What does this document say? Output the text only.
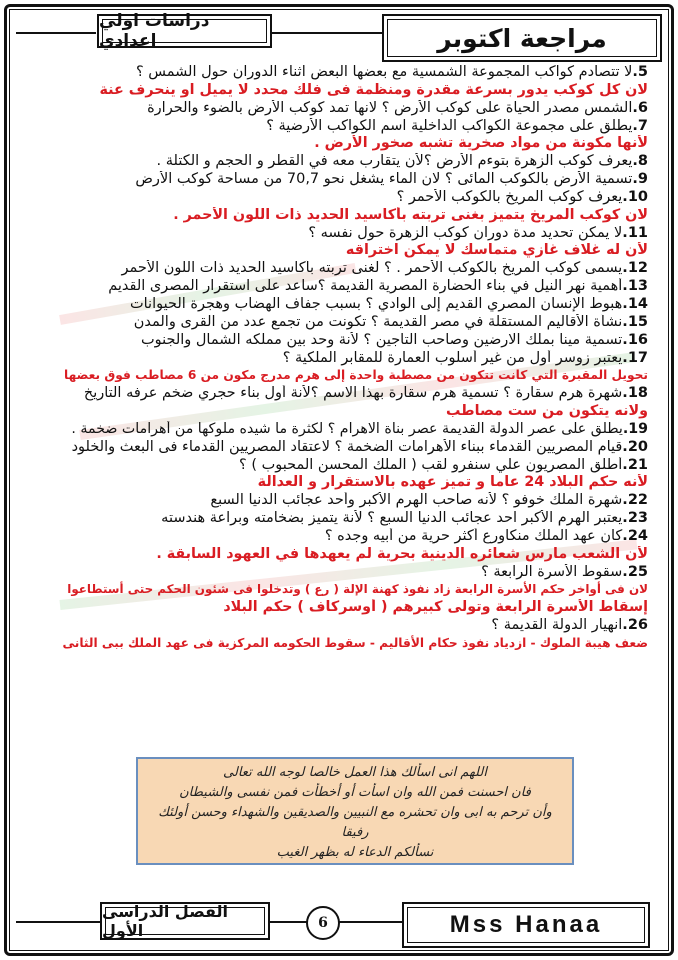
دراسات اولي اعدادي	مراجعة اكتوبر
5.لا تتصادم كواكب المجموعة الشمسية مع بعضها البعض اثناء الدوران حول الشمس ؟
لان كل كوكب يدور بسرعة مقدرة ومنظمة فى فلك محدد لا يميل او ينحرف عنة
6.الشمس مصدر الحياة على كوكب الأرض ؟ لانها تمد كوكب الأرض بالضوء والحرارة
7.يطلق على مجموعة الكواكب الداخلية اسم الكواكب الأرضية ؟
لأنها مكونة من مواد صخرية تشبه صخور الأرض .
8.يعرف كوكب الزهرة بتوءم الأرض ؟لأن يتقارب معه في القطر و الحجم و الكتلة .
9.تسمية الأرض بالكوكب المائى ؟ لان الماء يشغل نحو 70,7 من مساحة كوكب الأرض
10.يعرف كوكب المريخ بالكوكب الأحمر ؟
لان كوكب المريخ يتميز بغنى تربته بأكاسيد الحديد ذات اللون الأحمر .
11.لا يمكن تحديد مدة دوران كوكب الزهرة حول نفسه ؟
لأن له غلاف غازي متماسك لا يمكن اختراقه
12.يسمى كوكب المريخ بالكوكب الأحمر . ؟ لغنى تربته بأكاسيد الحديد ذات اللون الأحمر
13.أهمية نهر النيل في بناء الحضارة المصرية القديمة ؟ساعد على استقرار المصرى القديم
14.هبوط الإنسان المصري القديم إلى الوادي ؟ بسبب جفاف الهضاب وهجرة الحيوانات
15.نشأة الأقاليم المستقلة في مصر القديمة ؟ تكونت من تجمع عدد من القرى والمدن
16.تسمية مينا بملك الارضين وصاحب التاجين ؟ لأنة وحد بين مملكه الشمال والجنوب
17.يعتبر زوسر أول من غير أسلوب العمارة للمقابر الملكية ؟
تحويل المقبرة التي كانت تتكون من مصطبة واحدة إلى هرم مدرج مكون من 6 مصاطب فوق بعضها
18.شهرة هرم سقارة ؟ تسمية هرم سقارة بهذا الاسم ؟لأنة أول بناء حجري ضخم عرفه التاريخ
ولانه يتكون من ست مصاطب
19.يطلق على عصر الدولة القديمة عصر بناة الاهرام ؟ لكثرة ما شيده ملوكها من أهرامات ضخمة .
20.قيام المصريين القدماء ببناء الأهرامات الضخمة ؟ لاعتقاد المصريين القدماء فى البعث والخلود
21.أطلق المصريون علي سنفرو لقب ( الملك المحسن المحبوب ) ؟
لأنه حكم البلاد 24 عاما و تميز عهده بالاستقرار و العدالة
22.شهرة الملك خوفو ؟ لأنه صاحب الهرم الأكبر وأحد عجائب الدنيا السبع
23.يعتبر الهرم الأكبر احد عجائب الدنيا السبع ؟ لأنة يتميز بضخامته وبراعة هندسته
24.كان عهد الملك منكاورع أكثر حرية من أبيه وجده ؟
لأن الشعب مارس شعائره الدينية بحرية لم يعهدها في العهود السابقة .
25.سقوط الأسرة الرابعة ؟
لان فى أواخر حكم الأسرة الرابعة زاد نفوذ كهنة الإلة ( رع ) وتدخلوا فى شئون الحكم حتى أستطاعوا
إسقاط الأسرة الرابعة وتولى كبيرهم ( أوسركاف ) حكم البلاد
26.انهيار الدولة القديمة ؟
ضعف هيبة الملوك - ازدياد نفوذ حكام الأقاليم - سقوط الحكومه المركزية فى عهد الملك ببى الثانى
اللهم انى اسألك هذا العمل خالصا لوجه الله تعالى
فان احسنت فمن الله وان اسأت أو أخطأت فمن نفسى والشيطان
وأن ترحم به ابى وان تحشره مع النبيين والصديقين والشهداء وحسن أولئك
رفيقا
نسألكم الدعاء له بظهر الغيب
الفصل الدراسى الأول	6	Mss Hanaa
